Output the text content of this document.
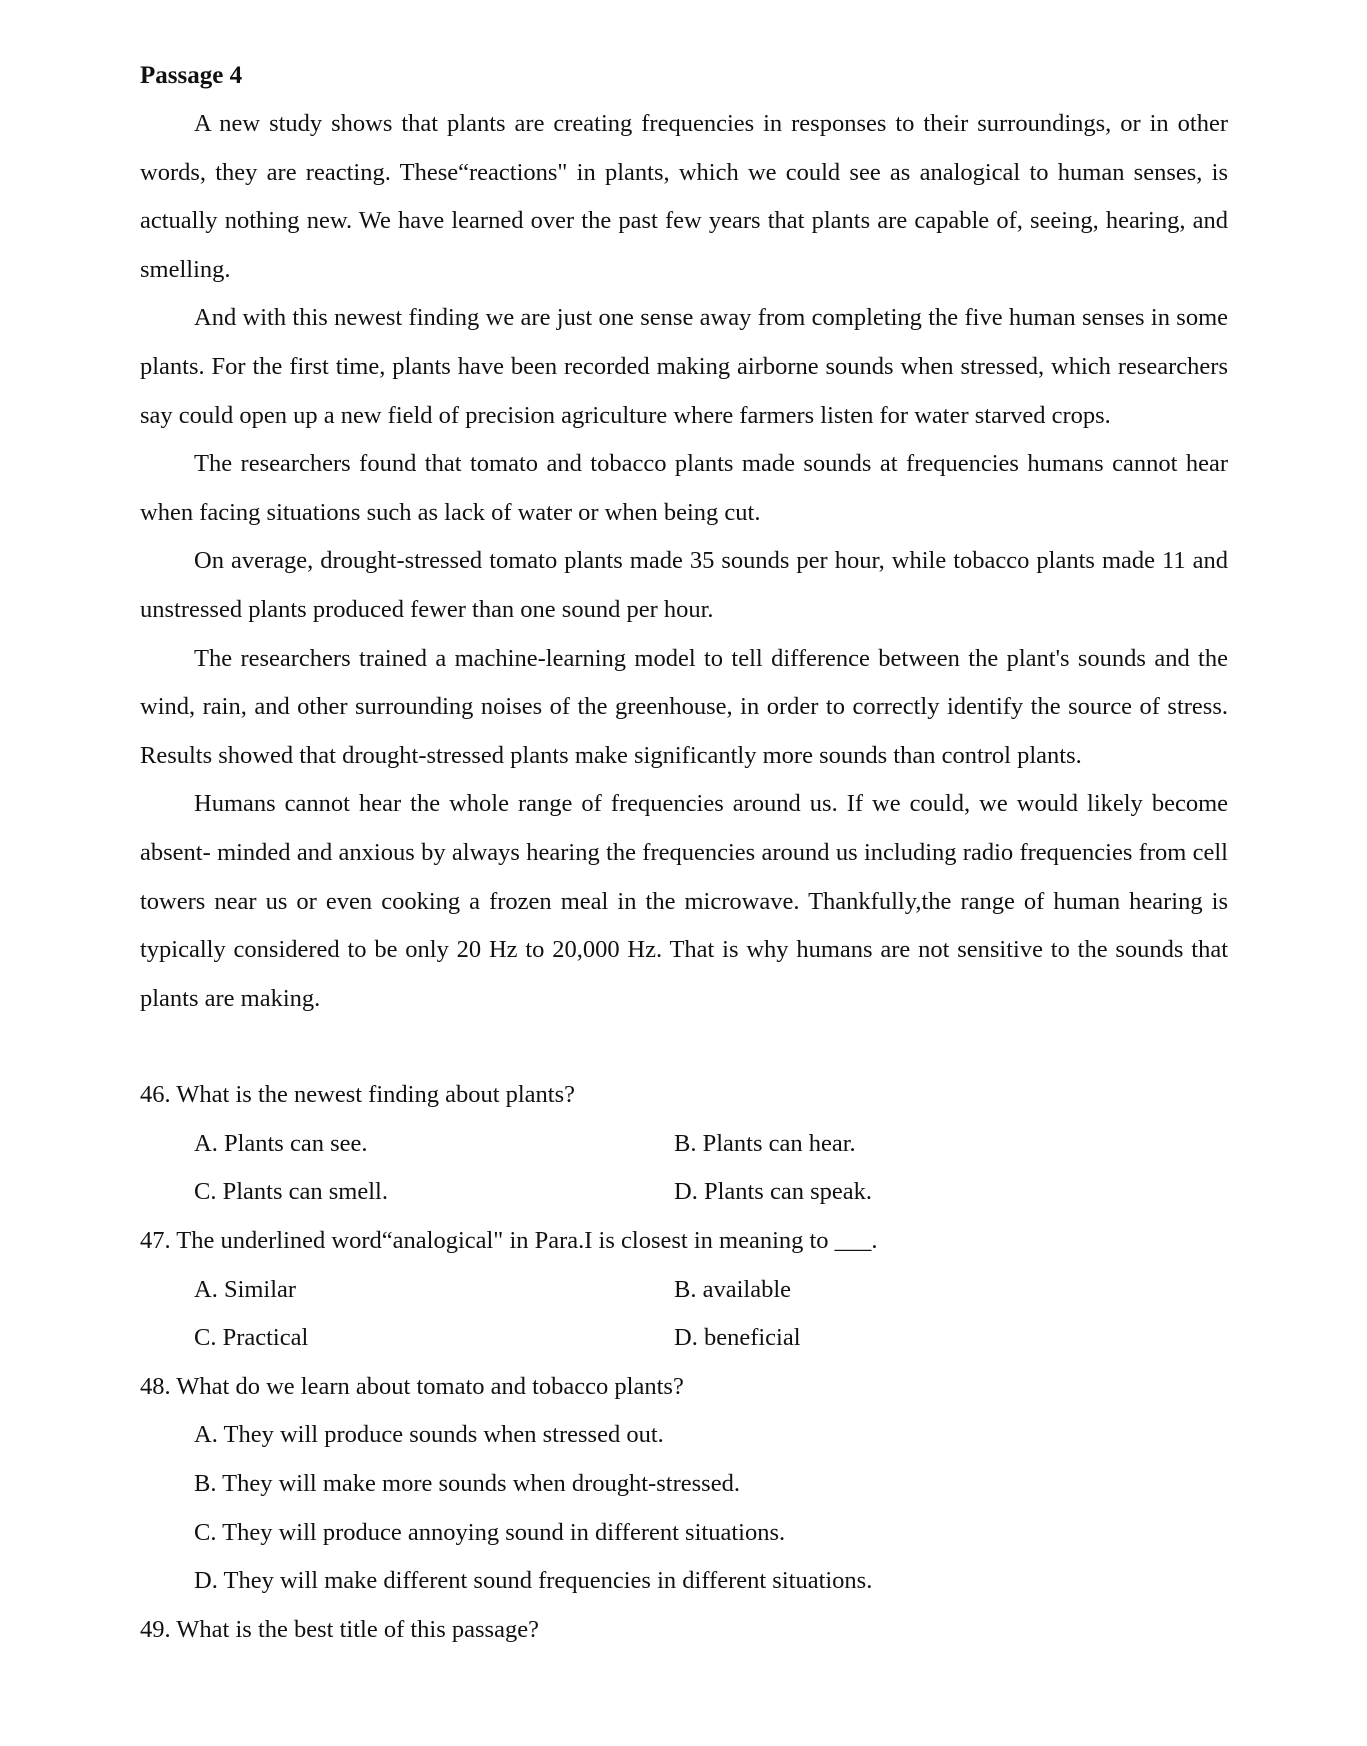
Passage 4

A new study shows that plants are creating frequencies in responses to their surroundings, or in other words, they are reacting. These“reactions" in plants, which we could see as analogical to human senses, is actually nothing new. We have learned over the past few years that plants are capable of, seeing, hearing, and smelling.

And with this newest finding we are just one sense away from completing the five human senses in some plants. For the first time, plants have been recorded making airborne sounds when stressed, which researchers say could open up a new field of precision agriculture where farmers listen for water starved crops.

The researchers found that tomato and tobacco plants made sounds at frequencies humans cannot hear when facing situations such as lack of water or when being cut.

On average, drought-stressed tomato plants made 35 sounds per hour, while tobacco plants made 11 and unstressed plants produced fewer than one sound per hour.

The researchers trained a machine-learning model to tell difference between the plant's sounds and the wind, rain, and other surrounding noises of the greenhouse, in order to correctly identify the source of stress. Results showed that drought-stressed plants make significantly more sounds than control plants.

Humans cannot hear the whole range of frequencies around us. If we could, we would likely become absent- minded and anxious by always hearing the frequencies around us including radio frequencies from cell towers near us or even cooking a frozen meal in the microwave. Thankfully,the range of human hearing is typically considered to be only 20 Hz to 20,000 Hz. That is why humans are not sensitive to the sounds that plants are making.

46. What is the newest finding about plants?
A. Plants can see.	B. Plants can hear.
C. Plants can smell.	D. Plants can speak.
47. The underlined word“analogical" in Para.I is closest in meaning to ___.
A. Similar	B. available
C. Practical	D. beneficial
48. What do we learn about tomato and tobacco plants?
A. They will produce sounds when stressed out.
B. They will make more sounds when drought-stressed.
C. They will produce annoying sound in different situations.
D. They will make different sound frequencies in different situations.
49. What is the best title of this passage?
